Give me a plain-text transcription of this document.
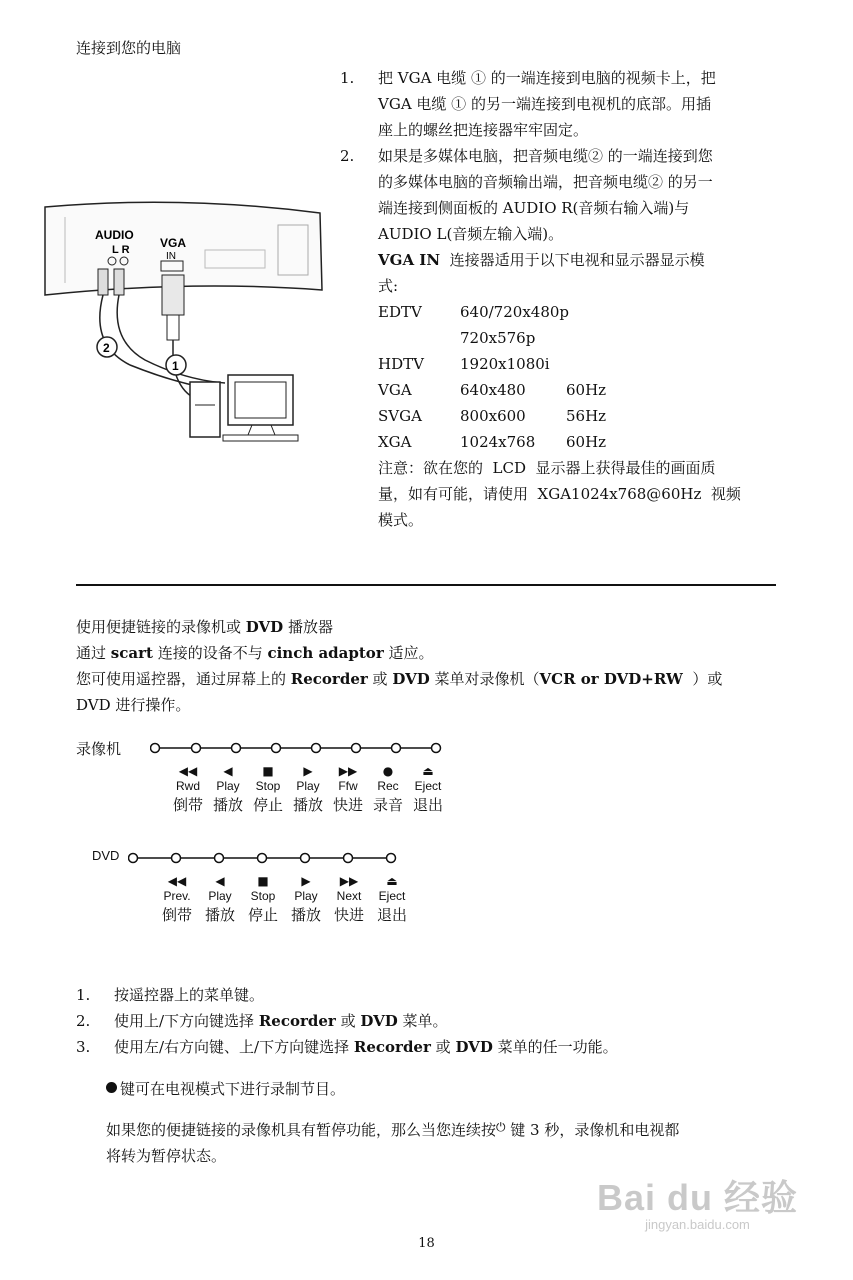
连接到您的电脑
AUDIO
L R	VGA
IN
2
1
1. 把 VGA 电缆 ① 的一端连接到电脑的视频卡上，把
VGA 电缆 ① 的另一端连接到电视机的底部。用插
座上的螺丝把连接器牢牢固定。
2. 如果是多媒体电脑，把音频电缆② 的一端连接到您
的多媒体电脑的音频输出端，把音频电缆② 的另一
端连接到侧面板的 AUDIO R(音频右输入端)与
AUDIO L(音频左输入端)。
VGA IN 连接器适用于以下电视和显示器显示模
式:
EDTV	640/720x480p
720x576p
HDTV	1920x1080i
VGA	640x480	60Hz
SVGA	800x600	56Hz
XGA	1024x768	60Hz
注意：欲在您的  LCD  显示器上获得最佳的画面质
量，如有可能，请使用  XGA1024x768@60Hz  视频
模式。
使用便捷链接的录像机或 DVD 播放器
通过 scart 连接的设备不与 cinch adaptor 适应。
您可使用遥控器，通过屏幕上的 Recorder 或 DVD 菜单对录像机（VCR or DVD+RW  ）或
DVD 进行操作。
录像机
◀◀
Rwd
倒带
◀
Play
播放
■
Stop
停止
▶
Play
播放
▶▶
Ffw
快进
●
Rec
录音
⏏
Eject
退出
DVD
◀◀
Prev.
倒带
◀
Play
播放
■
Stop
停止
▶
Play
播放
▶▶
Next
快进
⏏
Eject
退出
1. 按遥控器上的菜单键。
2. 使用上/下方向键选择 Recorder 或 DVD 菜单。
3. 使用左/右方向键、上/下方向键选择 Recorder 或 DVD 菜单的任一功能。
键可在电视模式下进行录制节目。
如果您的便捷链接的录像机具有暂停功能，那么当您连续按⏻ 键 3 秒，录像机和电视都
将转为暂停状态。
18
Bai du 经验
jingyan.baidu.com
